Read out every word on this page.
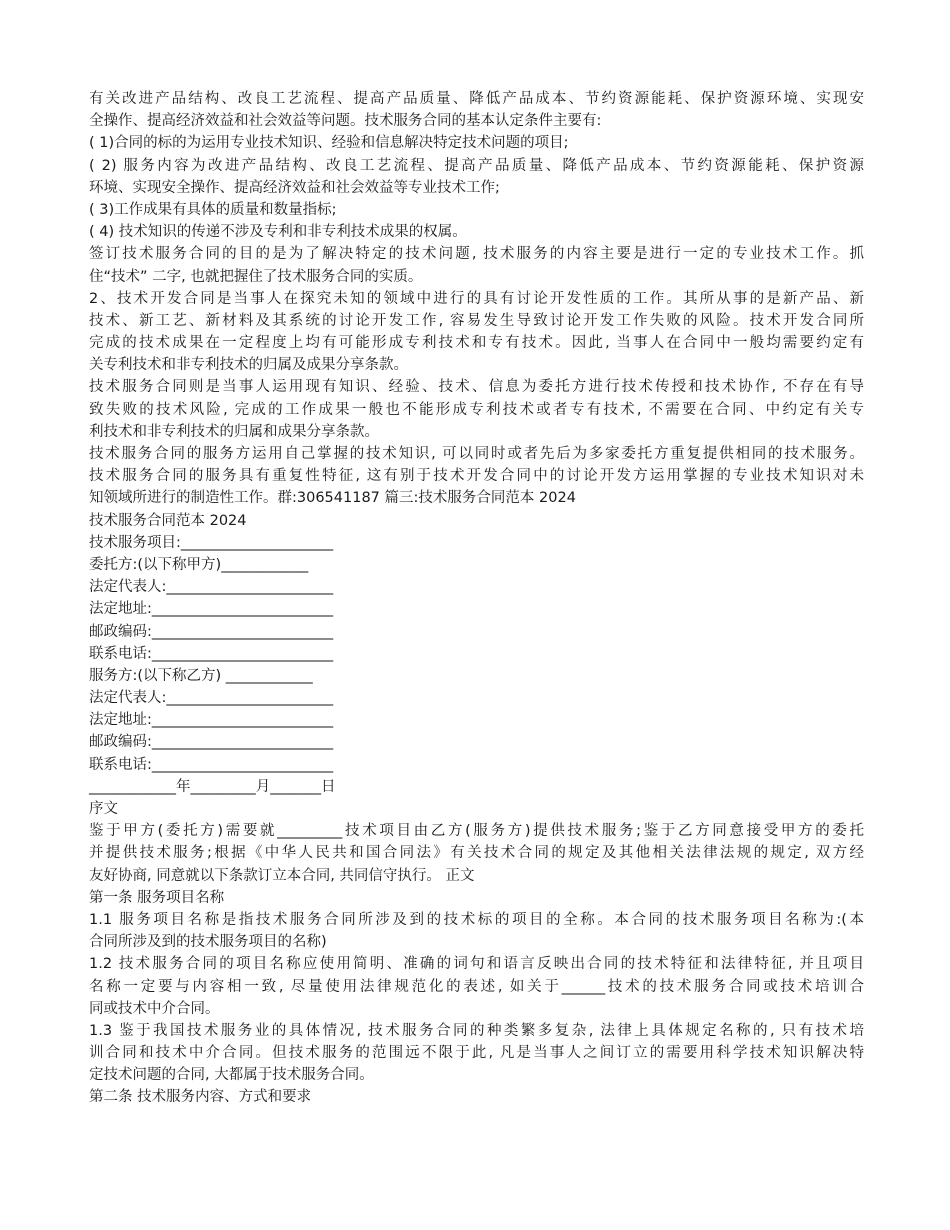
有关改进产品结构、改良工艺流程、提高产品质量、降低产品成本、节约资源能耗、保护资源环境、实现安
全操作、提高经济效益和社会效益等问题。技术服务合同的基本认定条件主要有:
( 1)合同的标的为运用专业技术知识、经验和信息解决特定技术问题的项目;
( 2) 服务内容为改进产品结构、改良工艺流程、提高产品质量、降低产品成本、节约资源能耗、保护资源
环境、实现安全操作、提高经济效益和社会效益等专业技术工作;
( 3)工作成果有具体的质量和数量指标;
( 4) 技术知识的传递不涉及专利和非专利技术成果的权属。
签订技术服务合同的目的是为了解决特定的技术问题, 技术服务的内容主要是进行一定的专业技术工作。抓
住“技术” 二字, 也就把握住了技术服务合同的实质。
2、技术开发合同是当事人在探究未知的领域中进行的具有讨论开发性质的工作。其所从事的是新产品、新
技术、新工艺、新材料及其系统的讨论开发工作, 容易发生导致讨论开发工作失败的风险。技术开发合同所
完成的技术成果在一定程度上均有可能形成专利技术和专有技术。因此, 当事人在合同中一般均需要约定有
关专利技术和非专利技术的归属及成果分享条款。
技术服务合同则是当事人运用现有知识、经验、技术、信息为委托方进行技术传授和技术协作, 不存在有导
致失败的技术风险, 完成的工作成果一般也不能形成专利技术或者专有技术, 不需要在合同、中约定有关专
利技术和非专利技术的归属和成果分享条款。
技术服务合同的服务方运用自己掌握的技术知识, 可以同时或者先后为多家委托方重复提供相同的技术服务。
技术服务合同的服务具有重复性特征, 这有别于技术开发合同中的讨论开发方运用掌握的专业技术知识对未
知领域所进行的制造性工作。群:306541187 篇三:技术服务合同范本 2024
技术服务合同范本 2024
技术服务项目:_____________________
委托方:(以下称甲方)____________
法定代表人:_______________________
法定地址:_________________________
邮政编码:_________________________
联系电话:_________________________
服务方:(以下称乙方) ____________
法定代表人:_______________________
法定地址:_________________________
邮政编码:_________________________
联系电话:_________________________
____________年_________月_______日
序文
鉴于甲方(委托方)需要就_________技术项目由乙方(服务方)提供技术服务;鉴于乙方同意接受甲方的委托
并提供技术服务;根据《中华人民共和国合同法》有关技术合同的规定及其他相关法律法规的规定, 双方经
友好协商, 同意就以下条款订立本合同, 共同信守执行。 正文
第一条 服务项目名称
1.1 服务项目名称是指技术服务合同所涉及到的技术标的项目的全称。本合同的技术服务项目名称为:(本
合同所涉及到的技术服务项目的名称)
1.2 技术服务合同的项目名称应使用简明、准确的词句和语言反映出合同的技术特征和法律特征, 并且项目
名称一定要与内容相一致, 尽量使用法律规范化的表述, 如关于______技术的技术服务合同或技术培训合
同或技术中介合同。
1.3 鉴于我国技术服务业的具体情况, 技术服务合同的种类繁多复杂, 法律上具体规定名称的, 只有技术培
训合同和技术中介合同。但技术服务的范围远不限于此, 凡是当事人之间订立的需要用科学技术知识解决特
定技术问题的合同, 大都属于技术服务合同。
第二条 技术服务内容、方式和要求
